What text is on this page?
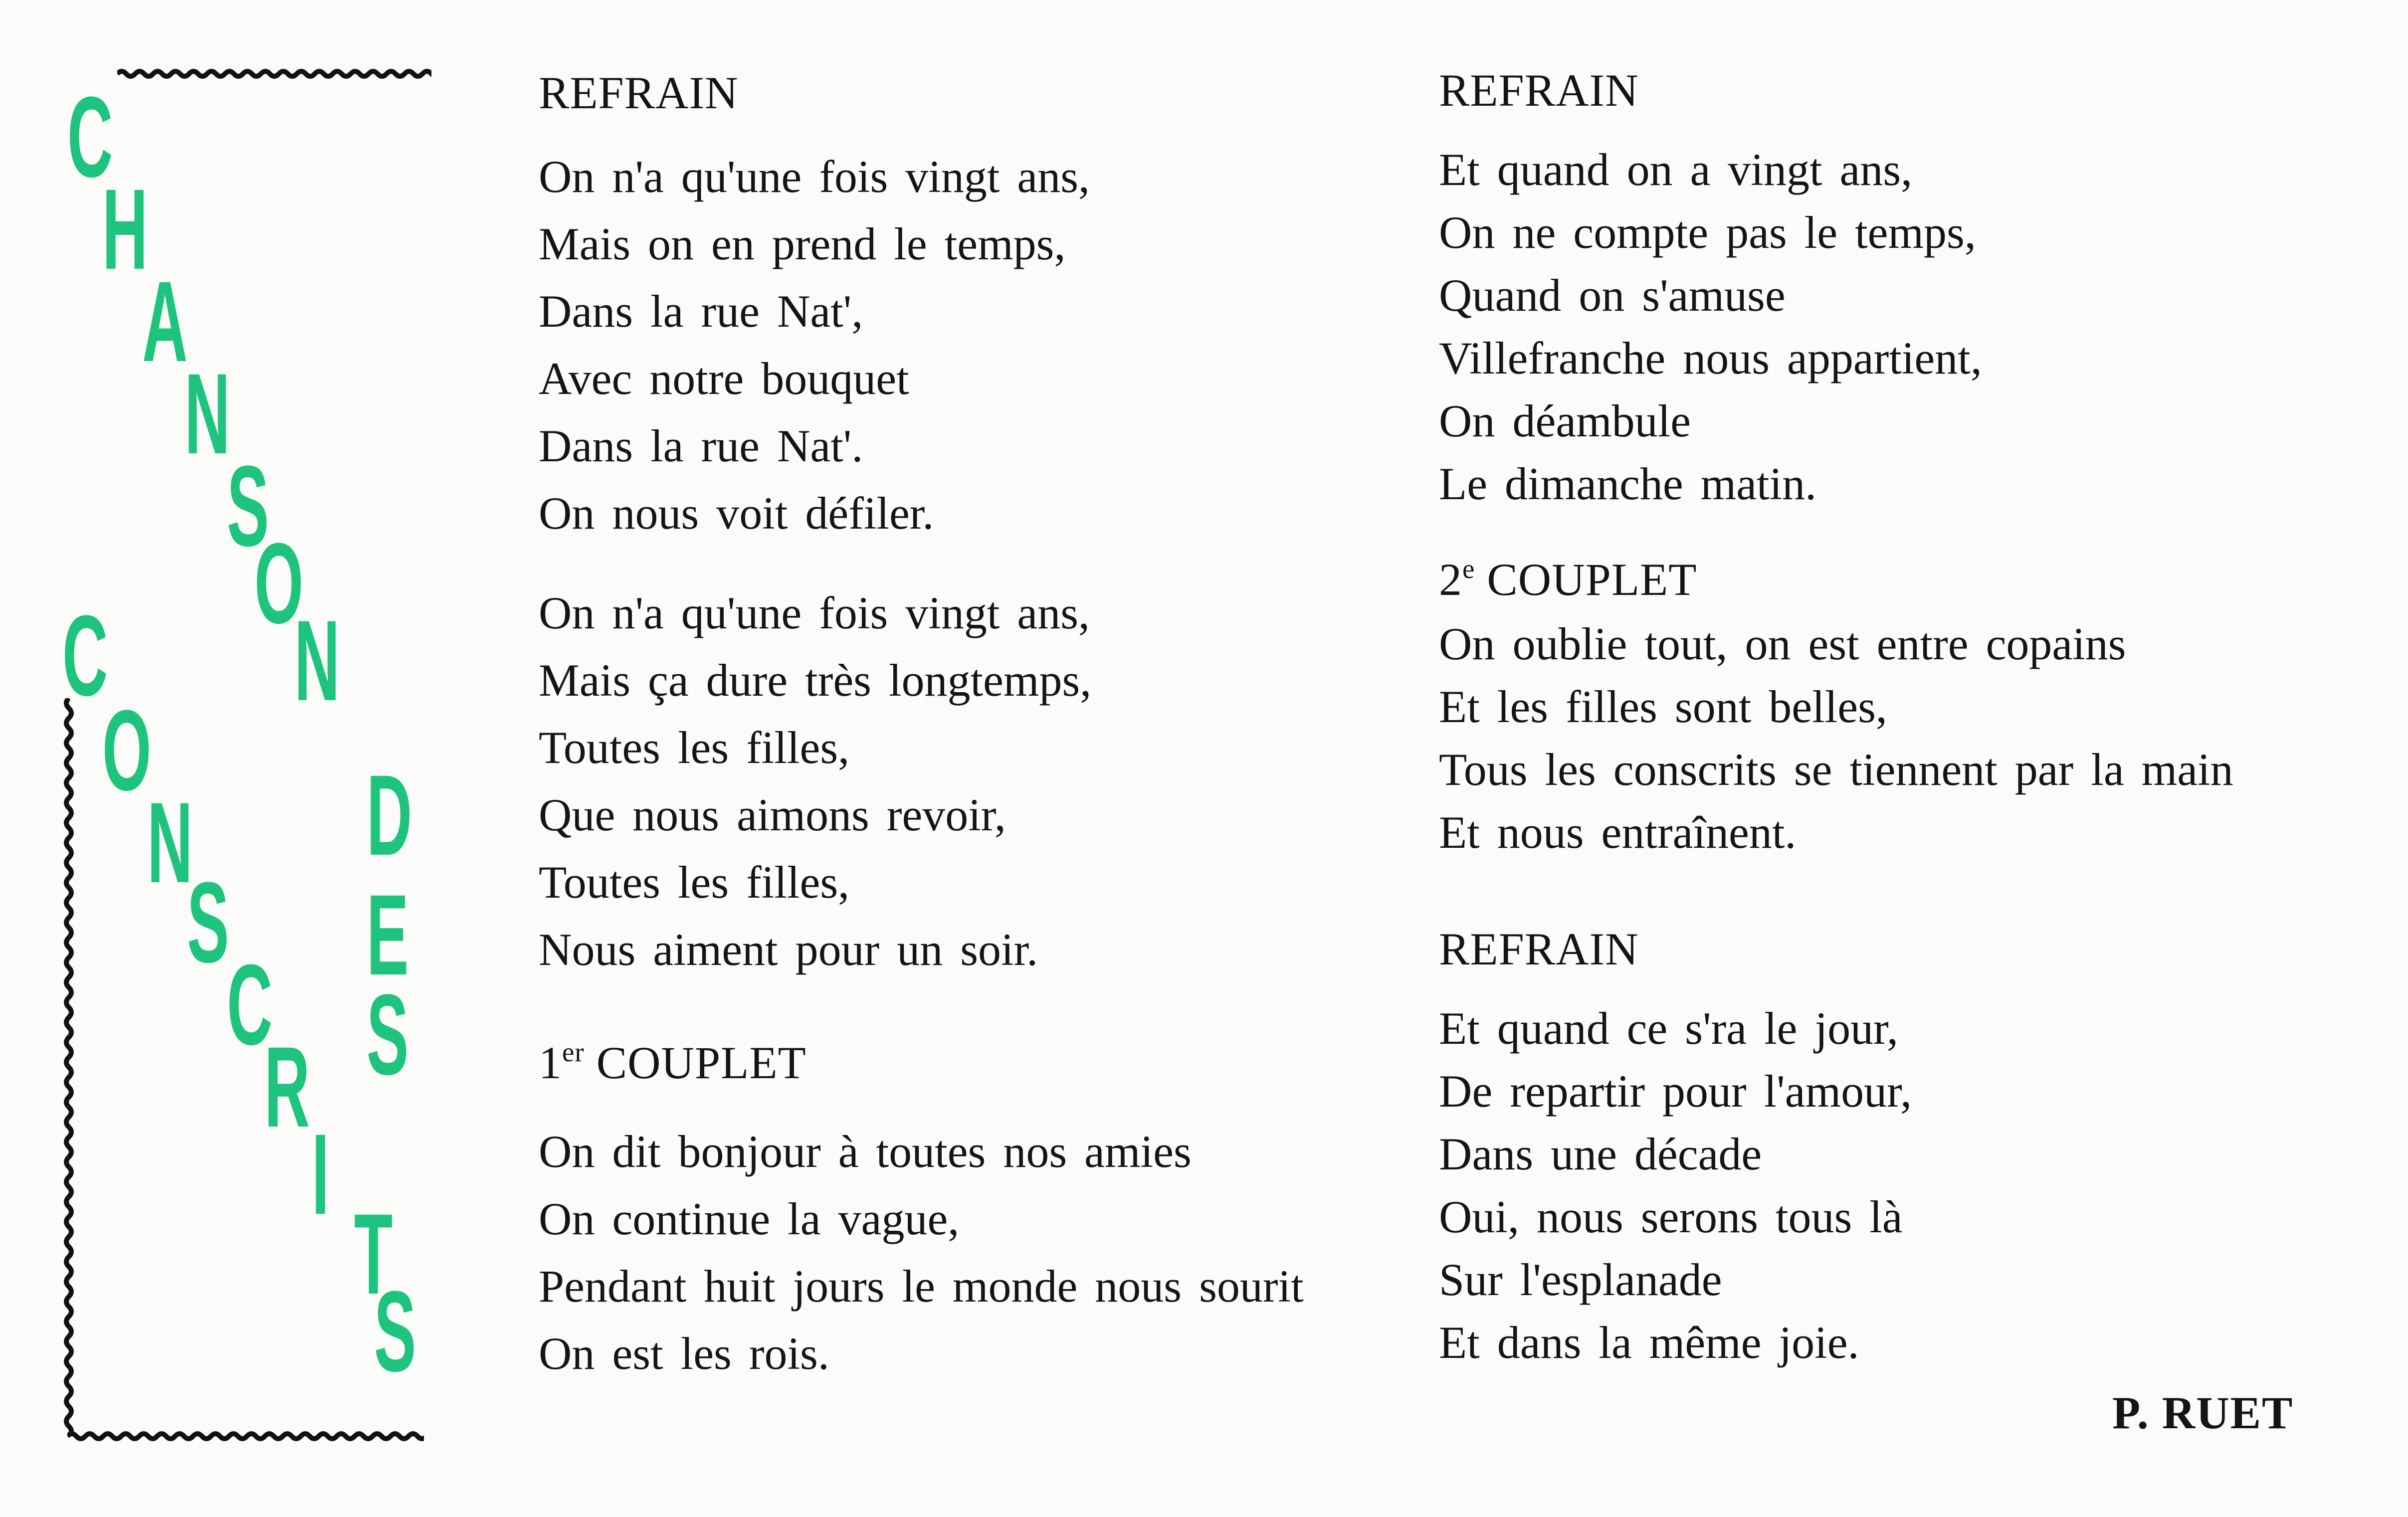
C
H
A
N
S
O
N
C
O
N
S
C
R
I
T
S
D
E
S
REFRAIN
On n'a qu'une fois vingt ans,
Mais on en prend le temps,
Dans la rue Nat',
Avec notre bouquet
Dans la rue Nat'.
On nous voit défiler.
On n'a qu'une fois vingt ans,
Mais ça dure très longtemps,
Toutes les filles,
Que nous aimons revoir,
Toutes les filles,
Nous aiment pour un soir.
1er COUPLET
On dit bonjour à toutes nos amies
On continue la vague,
Pendant huit jours le monde nous sourit
On est les rois.
REFRAIN
Et quand on a vingt ans,
On ne compte pas le temps,
Quand on s'amuse
Villefranche nous appartient,
On déambule
Le dimanche matin.
2e COUPLET
On oublie tout, on est entre copains
Et les filles sont belles,
Tous les conscrits se tiennent par la main
Et nous entraînent.
REFRAIN
Et quand ce s'ra le jour,
De repartir pour l'amour,
Dans une décade
Oui, nous serons tous là
Sur l'esplanade
Et dans la même joie.
P. RUET
